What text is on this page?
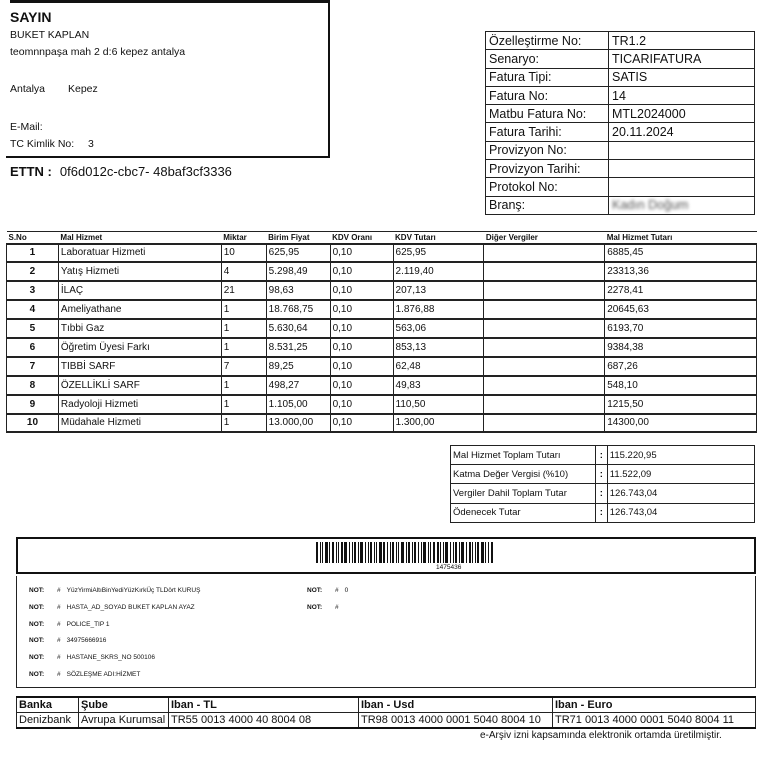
SAYIN
BUKET KAPLAN
teomnnpaşa mah 2 d:6 kepez antalya
Antalya Kepez
E-Mail:
TC Kimlik No: 3
ETTN : 0f6d012c-cbc7- 48baf3cf3336
Özelleştirme No:	TR1.2
Senaryo:	TICARIFATURA
Fatura Tipi:	SATIS
Fatura No:	14
Matbu Fatura No:	MTL2024000
Fatura Tarihi:	20.11.2024
Provizyon No:	
Provizyon Tarihi:	
Protokol No:	
Branş:	Kadın Doğum
S.No	Mal Hizmet	Miktar	Birim Fiyat	KDV Oranı	KDV Tutarı	Diğer Vergiler	Mal Hizmet Tutarı
1	Laboratuar Hizmeti	10	625,95	0,10	625,95		6885,45
2	Yatış Hizmeti	4	5.298,49	0,10	2.119,40		23313,36
3	İLAÇ	21	98,63	0,10	207,13		2278,41
4	Ameliyathane	1	18.768,75	0,10	1.876,88		20645,63
5	Tıbbi Gaz	1	5.630,64	0,10	563,06		6193,70
6	Öğretim Üyesi Farkı	1	8.531,25	0,10	853,13		9384,38
7	TIBBİ SARF	7	89,25	0,10	62,48		687,26
8	ÖZELLİKLİ SARF	1	498,27	0,10	49,83		548,10
9	Radyoloji Hizmeti	1	1.105,00	0,10	110,50		1215,50
10	Müdahale Hizmeti	1	13.000,00	0,10	1.300,00		14300,00
Mal Hizmet Toplam Tutarı	:	115.220,95
Katma Değer Vergisi (%10)	:	11.522,09
Vergiler Dahil Toplam Tutar	:	126.743,04
Ödenecek Tutar	:	126.743,04
1475436
NOT: # YüzYirmiAltıBinYediYüzKırkÜç TLDört KURUŞ
NOT: # HASTA_AD_SOYAD BUKET KAPLAN AYAZ
NOT: # POLICE_TIP 1
NOT: # 34975666916
NOT: # HASTANE_SKRS_NO 500106
NOT: # SÖZLEŞME ADI:HİZMET
NOT: # 0
NOT: #
Banka	Şube	Iban - TL	Iban - Usd	Iban - Euro
Denizbank	Avrupa Kurumsal	TR55 0013 4000 40 8004 08	TR98 0013 4000 0001 5040 8004 10	TR71 0013 4000 0001 5040 8004 11
e-Arşiv izni kapsamında elektronik ortamda üretilmiştir.
